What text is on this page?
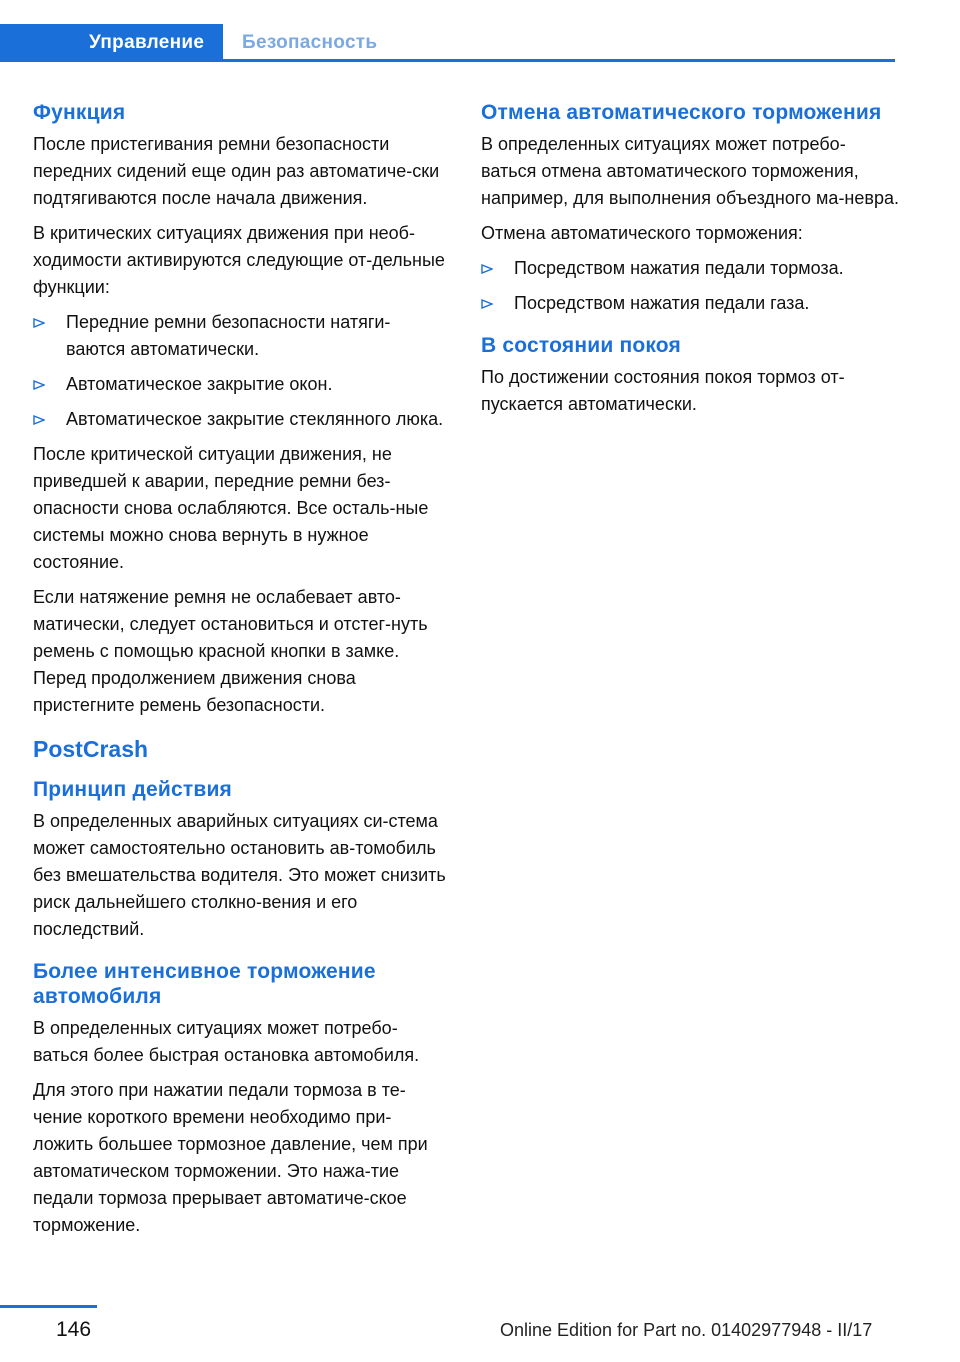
Управление	Безопасность
Функция

После пристегивания ремни безопасности передних сидений еще один раз автоматиче-ски подтягиваются после начала движения.

В критических ситуациях движения при необ-ходимости активируются следующие от-дельные функции:

Передние ремни безопасности натяги-ваются автоматически.
Автоматическое закрытие окон.
Автоматическое закрытие стеклянного люка.

После критической ситуации движения, не приведшей к аварии, передние ремни без-опасности снова ослабляются. Все осталь-ные системы можно снова вернуть в нужное состояние.

Если натяжение ремня не ослабевает авто-матически, следует остановиться и отстег-нуть ремень с помощью красной кнопки в замке. Перед продолжением движения снова пристегните ремень безопасности.

PostCrash
Принцип действия

В определенных аварийных ситуациях си-стема может самостоятельно остановить ав-томобиль без вмешательства водителя. Это может снизить риск дальнейшего столкно-вения и его последствий.

Более интенсивное торможение автомобиля

В определенных ситуациях может потребо-ваться более быстрая остановка автомобиля.

Для этого при нажатии педали тормоза в те-чение короткого времени необходимо при-ложить большее тормозное давление, чем при автоматическом торможении. Это нажа-тие педали тормоза прерывает автоматиче-ское торможение.

Отмена автоматического торможения

В определенных ситуациях может потребо-ваться отмена автоматического торможения, например, для выполнения объездного ма-невра.

Отмена автоматического торможения:

Посредством нажатия педали тормоза.
Посредством нажатия педали газа.
В состоянии покоя

По достижении состояния покоя тормоз от-пускается автоматически.

146	Online Edition for Part no. 01402977948 - II/17
